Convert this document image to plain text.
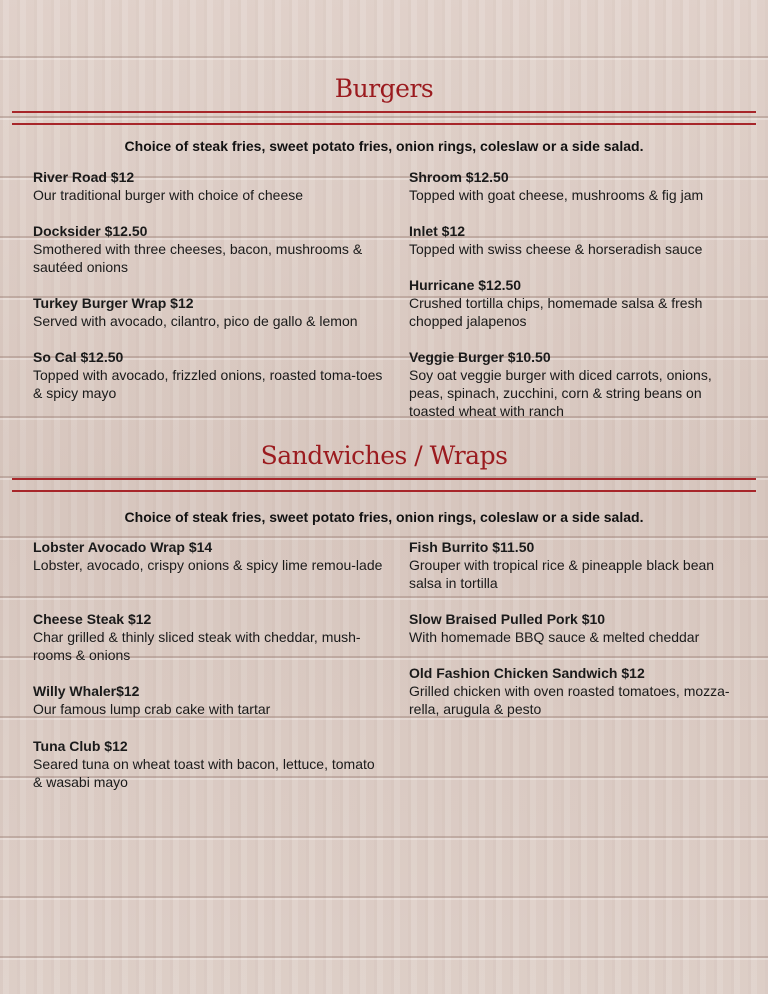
Burgers
Choice of steak fries, sweet potato fries, onion rings, coleslaw or a side salad.
River Road $12
Our traditional burger with choice of cheese
Docksider $12.50
Smothered with three cheeses, bacon, mushrooms & sautéed onions
Turkey Burger Wrap $12
Served with avocado, cilantro, pico de gallo & lemon
So Cal $12.50
Topped with avocado, frizzled onions, roasted toma-toes & spicy mayo
Shroom $12.50
Topped with goat cheese, mushrooms & fig jam
Inlet $12
Topped with swiss cheese & horseradish sauce
Hurricane $12.50
Crushed tortilla chips, homemade salsa & fresh chopped jalapenos
Veggie Burger $10.50
Soy oat veggie burger with diced carrots, onions, peas, spinach, zucchini, corn & string beans on toasted wheat with ranch
Sandwiches / Wraps
Choice of steak fries, sweet potato fries, onion rings, coleslaw or a side salad.
Lobster Avocado Wrap $14
Lobster, avocado, crispy onions & spicy lime remou-lade
Cheese Steak $12
Char grilled & thinly sliced steak with cheddar, mush-rooms & onions
Willy Whaler$12
Our famous lump crab cake with tartar
Tuna Club $12
Seared tuna on wheat toast with bacon, lettuce, tomato & wasabi mayo
Fish Burrito $11.50
Grouper with tropical rice & pineapple black bean salsa in tortilla
Slow Braised Pulled Pork $10
With homemade BBQ sauce & melted cheddar
Old Fashion Chicken Sandwich $12
Grilled chicken with oven roasted tomatoes, mozza-rella, arugula & pesto
